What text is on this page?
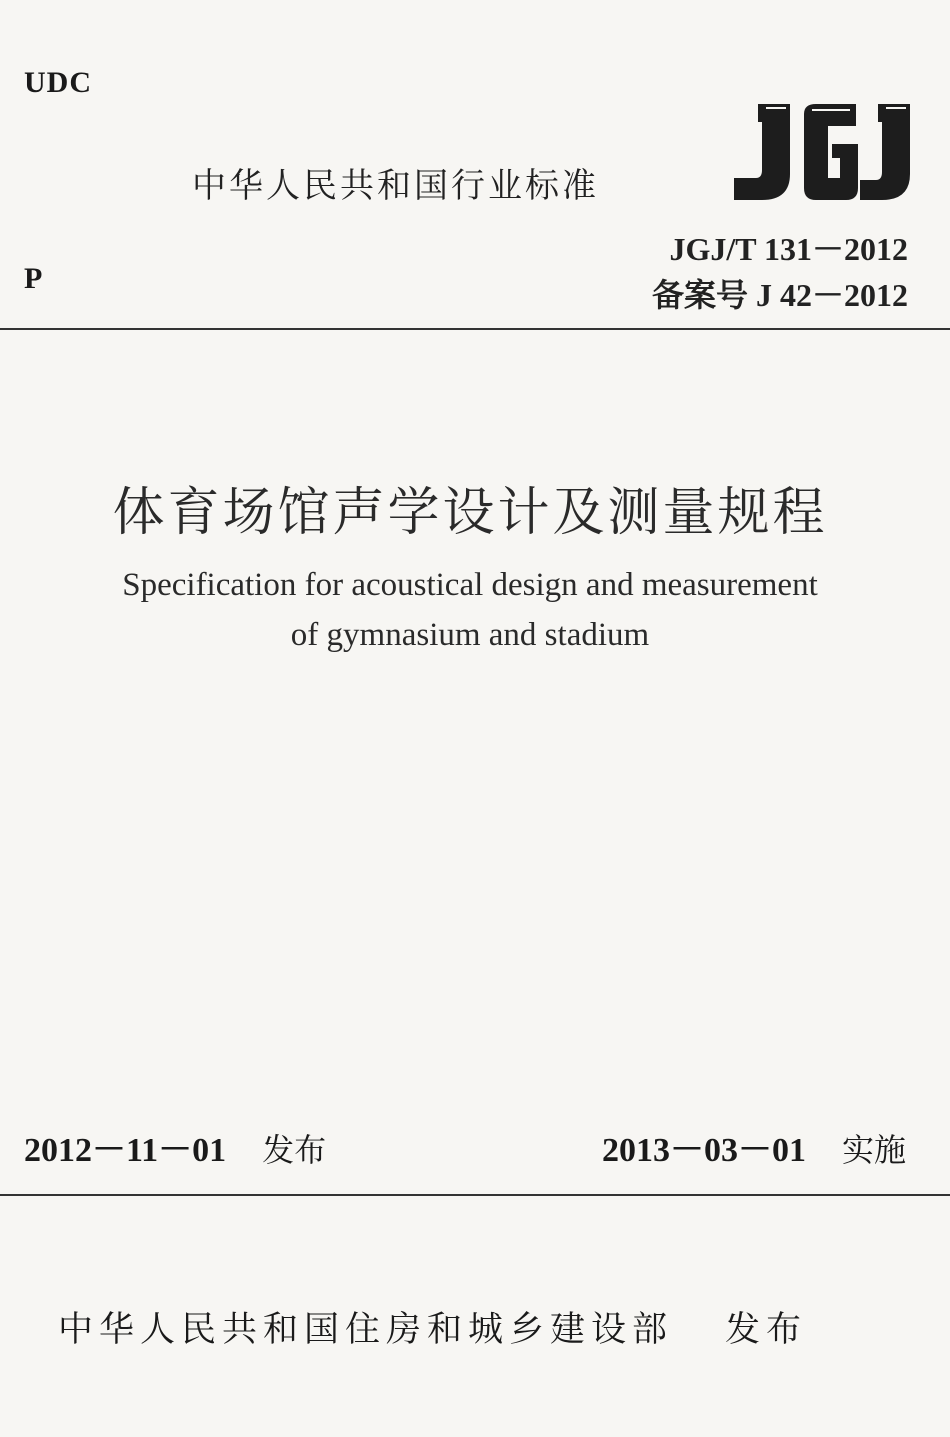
UDC
中华人民共和国行业标准
JGJ/T 131－2012
备案号 J 42－2012
P
体育场馆声学设计及测量规程
Specification for acoustical design and measurement
of gymnasium and stadium
2012－11－01 发布	2013－03－01 实施
中华人民共和国住房和城乡建设部 发布
